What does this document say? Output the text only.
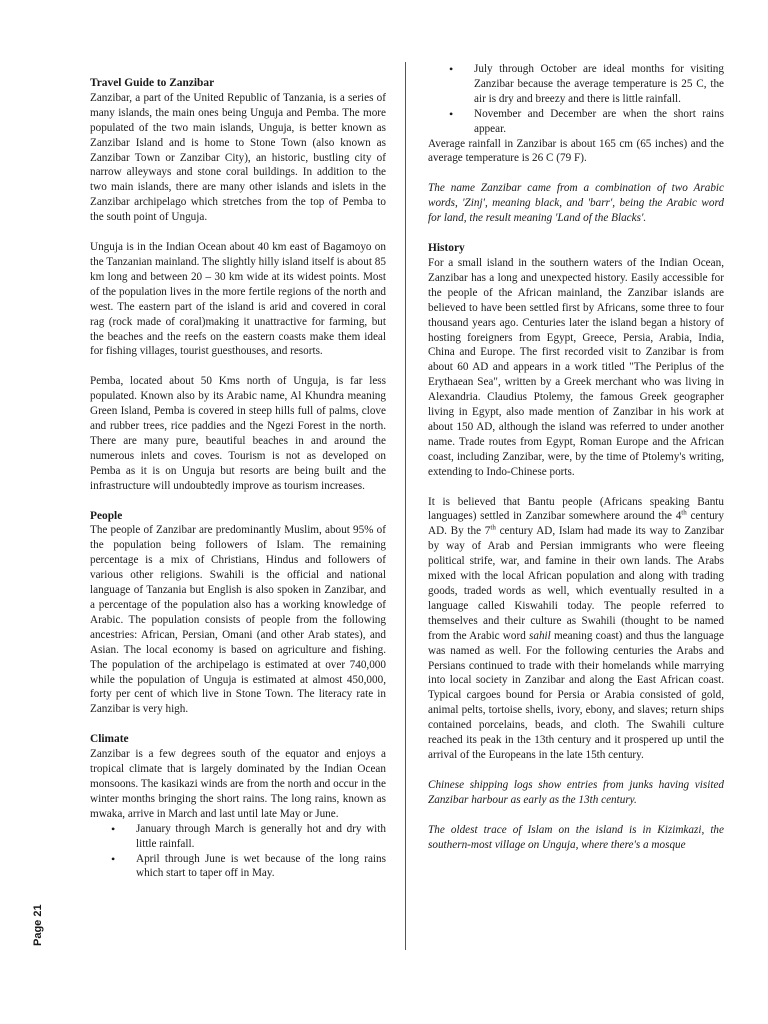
Page 21
Travel Guide to Zanzibar

Zanzibar, a part of the United Republic of Tanzania, is a series of many islands, the main ones being Unguja and Pemba. The more populated of the two main islands, Unguja, is better known as Zanzibar Island and is home to Stone Town (also known as Zanzibar Town or Zanzibar City), an historic, bustling city of narrow alleyways and stone coral buildings. In addition to the two main islands, there are many other islands and islets in the Zanzibar archipelago which stretches from the top of Pemba to the south point of Unguja.

Unguja is in the Indian Ocean about 40 km east of Bagamoyo on the Tanzanian mainland. The slightly hilly island itself is about 85 km long and between 20 – 30 km wide at its widest points. Most of the population lives in the more fertile regions of the north and west. The eastern part of the island is arid and covered in coral rag (rock made of coral)making it unattractive for farming, but the beaches and the reefs on the eastern coasts make them ideal for fishing villages, tourist guesthouses, and resorts.

Pemba, located about 50 Kms north of Unguja, is far less populated. Known also by its Arabic name, Al Khundra meaning Green Island, Pemba is covered in steep hills full of palms, clove and rubber trees, rice paddies and the Ngezi Forest in the north. There are many pure, beautiful beaches in and around the numerous inlets and coves. Tourism is not as developed on Pemba as it is on Unguja but resorts are being built and the infrastructure will undoubtedly improve as tourism increases.

People

The people of Zanzibar are predominantly Muslim, about 95% of the population being followers of Islam. The remaining percentage is a mix of Christians, Hindus and followers of various other religions. Swahili is the official and national language of Tanzania but English is also spoken in Zanzibar, and a percentage of the population also has a working knowledge of Arabic. The population consists of people from the following ancestries: African, Persian, Omani (and other Arab states), and Asian. The local economy is based on agriculture and fishing. The population of the archipelago is estimated at over 740,000 while the population of Unguja is estimated at almost 450,000, forty per cent of which live in Stone Town. The literacy rate in Zanzibar is very high.

Climate

Zanzibar is a few degrees south of the equator and enjoys a tropical climate that is largely dominated by the Indian Ocean monsoons. The kasikazi winds are from the north and occur in the winter months bringing the short rains. The long rains, known as mwaka, arrive in March and last until late May or June.

• January through March is generally hot and dry with little rainfall.
• April through June is wet because of the long rains which start to taper off in May.
• July through October are ideal months for visiting Zanzibar because the average temperature is 25 C, the air is dry and breezy and there is little rainfall.
• November and December are when the short rains appear.

Average rainfall in Zanzibar is about 165 cm (65 inches) and the average temperature is 26 C (79 F).

The name Zanzibar came from a combination of two Arabic words, 'Zinj', meaning black, and 'barr', being the Arabic word for land, the result meaning 'Land of the Blacks'.

History

For a small island in the southern waters of the Indian Ocean, Zanzibar has a long and unexpected history. Easily accessible for the people of the African mainland, the Zanzibar islands are believed to have been settled first by Africans, some three to four thousand years ago. Centuries later the island began a history of hosting foreigners from Egypt, Greece, Persia, Arabia, India, China and Europe. The first recorded visit to Zanzibar is from about 60 AD and appears in a work titled "The Periplus of the Erythaean Sea", written by a Greek merchant who was living in Alexandria. Claudius Ptolemy, the famous Greek geographer living in Egypt, also made mention of Zanzibar in his work at about 150 AD, although the island was referred to under another name. Trade routes from Egypt, Roman Europe and the African coast, including Zanzibar, were, by the time of Ptolemy's writing, extending to Indo-Chinese ports.

It is believed that Bantu people (Africans speaking Bantu languages) settled in Zanzibar somewhere around the 4th century AD. By the 7th century AD, Islam had made its way to Zanzibar by way of Arab and Persian immigrants who were fleeing political strife, war, and famine in their own lands. The Arabs mixed with the local African population and along with trading goods, traded words as well, which eventually resulted in a language called Kiswahili today. The people referred to themselves and their culture as Swahili (thought to be named from the Arabic word sahil meaning coast) and thus the language was named as well. For the following centuries the Arabs and Persians continued to trade with their homelands while marrying into local society in Zanzibar and along the East African coast. Typical cargoes bound for Persia or Arabia consisted of gold, animal pelts, tortoise shells, ivory, ebony, and slaves; return ships contained porcelains, beads, and cloth. The Swahili culture reached its peak in the 13th century and it prospered up until the arrival of the Europeans in the late 15th century.

Chinese shipping logs show entries from junks having visited Zanzibar harbour as early as the 13th century.

The oldest trace of Islam on the island is in Kizimkazi, the southern-most village on Unguja, where there's a mosque
